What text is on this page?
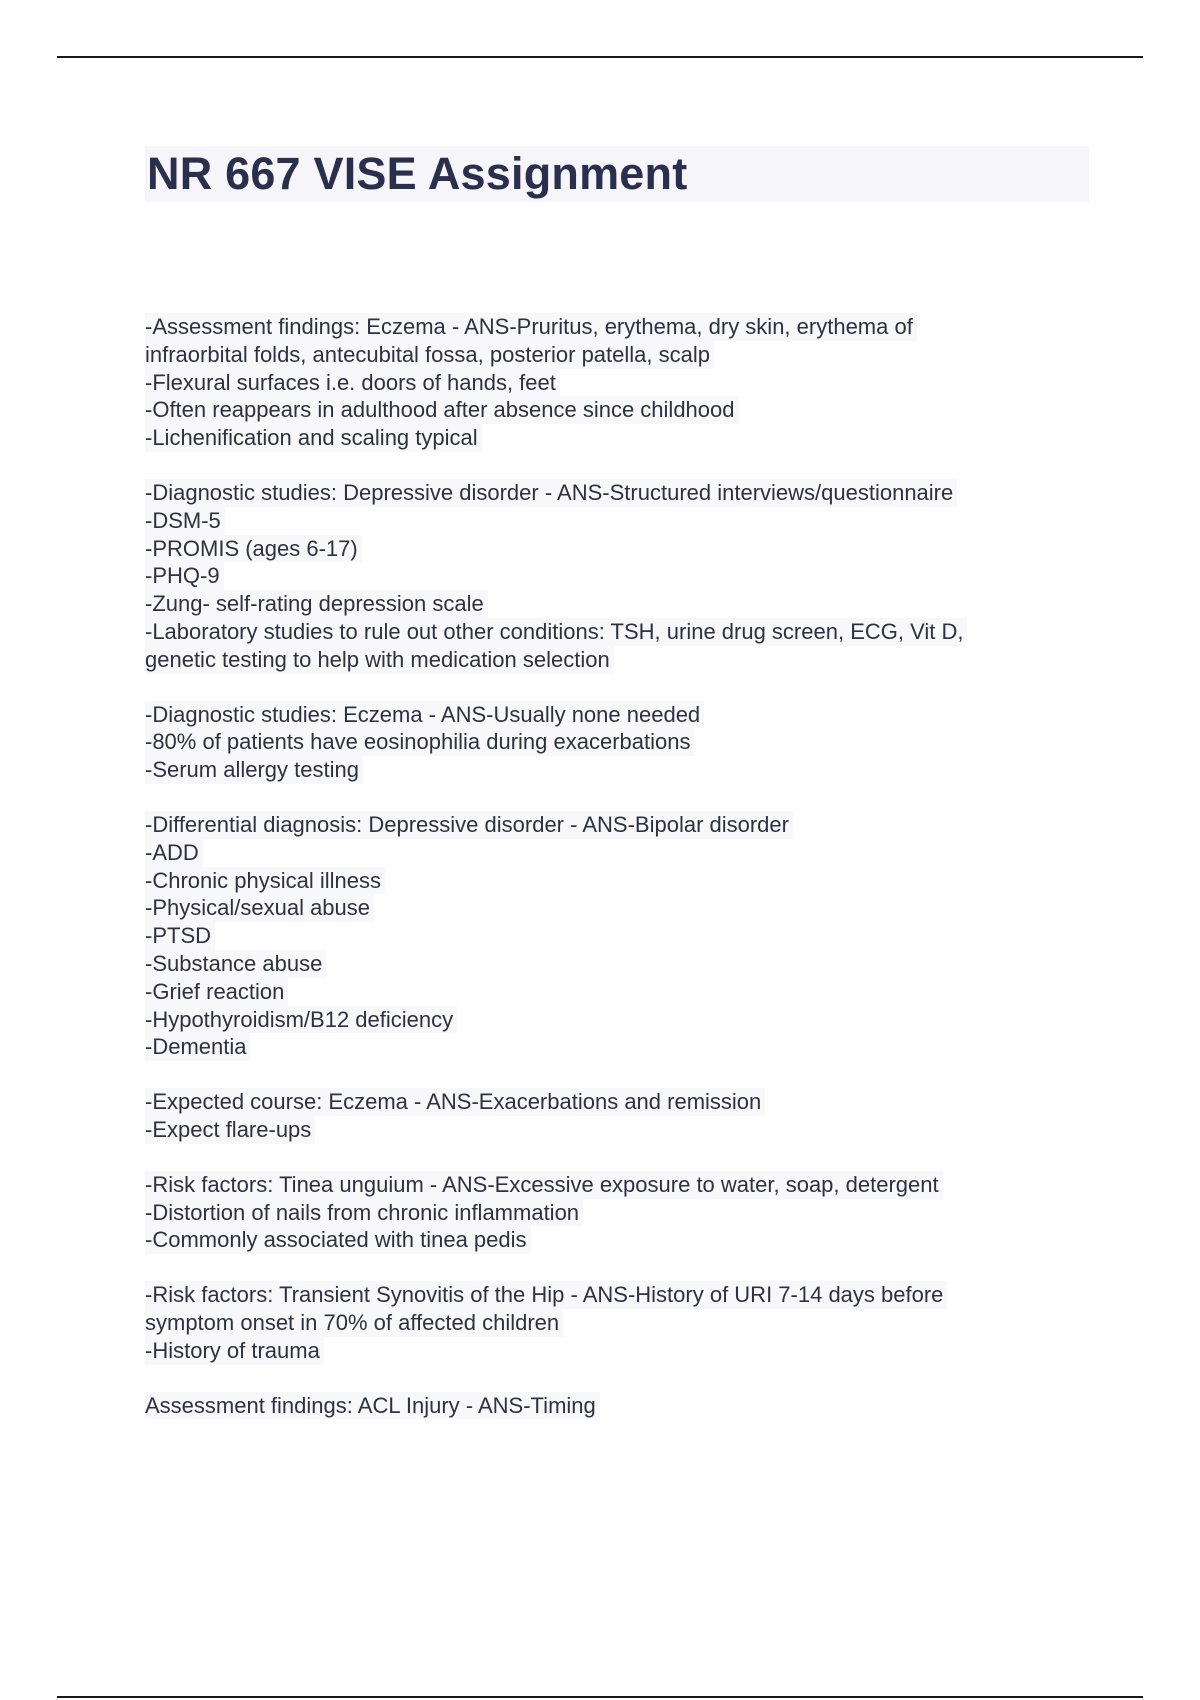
NR 667 VISE Assignment
-Assessment findings: Eczema - ANS-Pruritus, erythema, dry skin, erythema of
infraorbital folds, antecubital fossa, posterior patella, scalp
-Flexural surfaces i.e. doors of hands, feet
-Often reappears in adulthood after absence since childhood
-Lichenification and scaling typical
-Diagnostic studies: Depressive disorder - ANS-Structured interviews/questionnaire
-DSM-5
-PROMIS (ages 6-17)
-PHQ-9
-Zung- self-rating depression scale
-Laboratory studies to rule out other conditions: TSH, urine drug screen, ECG, Vit D,
genetic testing to help with medication selection
-Diagnostic studies: Eczema - ANS-Usually none needed
-80% of patients have eosinophilia during exacerbations
-Serum allergy testing
-Differential diagnosis: Depressive disorder - ANS-Bipolar disorder
-ADD
-Chronic physical illness
-Physical/sexual abuse
-PTSD
-Substance abuse
-Grief reaction
-Hypothyroidism/B12 deficiency
-Dementia
-Expected course: Eczema - ANS-Exacerbations and remission
-Expect flare-ups
-Risk factors: Tinea unguium - ANS-Excessive exposure to water, soap, detergent
-Distortion of nails from chronic inflammation
-Commonly associated with tinea pedis
-Risk factors: Transient Synovitis of the Hip - ANS-History of URI 7-14 days before
symptom onset in 70% of affected children
-History of trauma
Assessment findings: ACL Injury - ANS-Timing
